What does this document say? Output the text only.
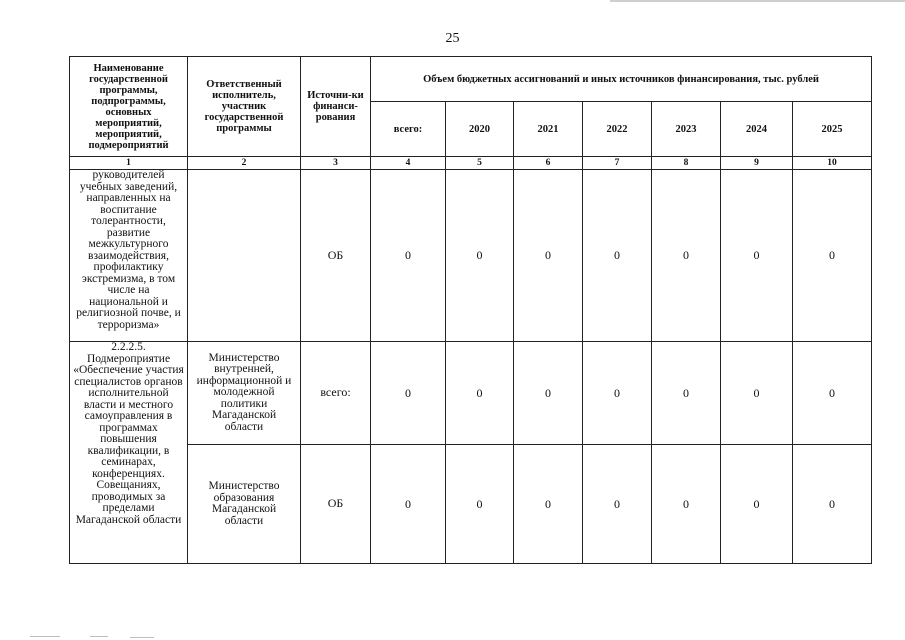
25
Наименование государственной программы, подпрограммы, основных мероприятий, мероприятий, подмероприятий	Ответственный исполнитель, участник государственной программы	Источни-ки финанси-рования	Объем бюджетных ассигнований и иных источников финансирования, тыс. рублей						
			всего:	2020	2021	2022	2023	2024	2025
1	2	3	4	5	6	7	8	9	10
руководителей учебных заведений, направленных на воспитание толерантности, развитие межкультурного взаимодействия, профилактику экстремизма, в том числе на национальной и религиозной почве, и терроризма»		ОБ	0	0	0	0	0	0	0
2.2.2.5. Подмероприятие «Обеспечение участия специалистов органов исполнительной власти и местного самоуправления в программах повышения квалификации, в семинарах, конференциях. Совещаниях, проводимых за пределами Магаданской области	Министерство внутренней, информационной и молодежной политики Магаданской области	всего:	0	0	0	0	0	0	0
	Министерство образования Магаданской области	ОБ	0	0	0	0	0	0	0
